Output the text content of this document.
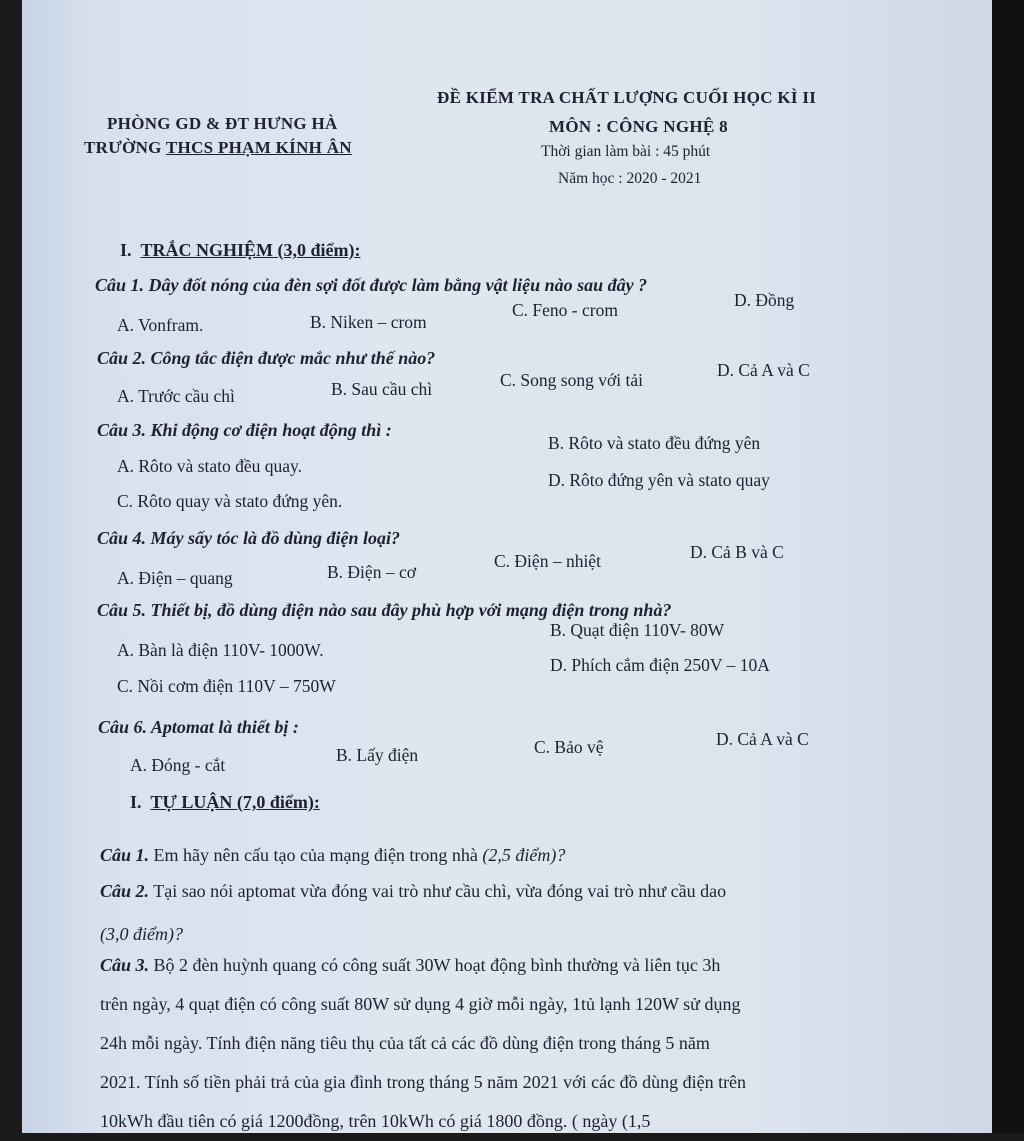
PHÒNG GD & ĐT HƯNG HÀ
TRƯỜNG THCS PHẠM KÍNH ÂN
ĐỀ KIỂM TRA CHẤT LƯỢNG CUỐI HỌC KÌ II
MÔN : CÔNG NGHỆ 8
Thời gian làm bài : 45 phút
Năm học : 2020 - 2021
I. TRẮC NGHIỆM (3,0 điểm):
Câu 1. Dây đốt nóng của đèn sợi đốt được làm bằng vật liệu nào sau đây ?
A. Vonfram.	B. Niken – crom
C. Feno - crom	D. Đồng
Câu 2. Công tắc điện được mắc như thế nào?
A. Trước cầu chì	B. Sau cầu chì	C. Song song với tải	D. Cả A và C
Câu 3. Khi động cơ điện hoạt động thì :
A. Rôto và stato đều quay.
B. Rôto và stato đều đứng yên
C. Rôto quay và stato đứng yên.
D. Rôto đứng yên và stato quay
Câu 4. Máy sấy tóc là đồ dùng điện loại?
A. Điện – quang	B. Điện – cơ
C. Điện – nhiệt	D. Cả B và C
Câu 5. Thiết bị, đồ dùng điện nào sau đây phù hợp với mạng điện trong nhà?
A. Bàn là điện 110V- 1000W.
B. Quạt điện 110V- 80W
C. Nồi cơm điện 110V – 750W
D. Phích cắm điện 250V – 10A
Câu 6. Aptomat là thiết bị :
A. Đóng - cắt	B. Lấy điện	C. Bảo vệ	D. Cả A và C
I. TỰ LUẬN (7,0 điểm):
Câu 1. Em hãy nên cấu tạo của mạng điện trong nhà (2,5 điểm)?
Câu 2. Tại sao nói aptomat vừa đóng vai trò như cầu chì, vừa đóng vai trò như cầu dao
(3,0 điểm)?
Câu 3. Bộ 2 đèn huỳnh quang có công suất 30W hoạt động bình thường và liên tục 3h
trên ngày, 4 quạt điện có công suất 80W sử dụng 4 giờ mỗi ngày, 1tủ lạnh 120W sử dụng
24h mỗi ngày. Tính điện năng tiêu thụ của tất cả các đồ dùng điện trong tháng 5 năm
2021. Tính số tiền phải trả của gia đình trong tháng 5 năm 2021 với các đồ dùng điện trên
10kWh đầu tiên có giá 1200đồng, trên 10kWh có giá 1800 đồng. ( ngày (1,5
